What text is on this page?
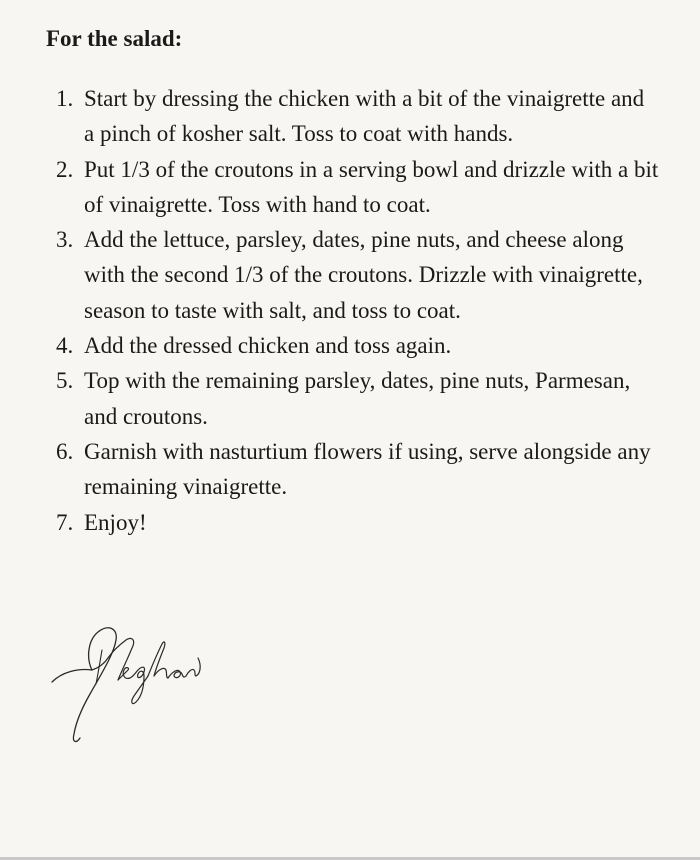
For the salad:
1. Start by dressing the chicken with a bit of the vinaigrette and a pinch of kosher salt. Toss to coat with hands.
2. Put 1/3 of the croutons in a serving bowl and drizzle with a bit of vinaigrette. Toss with hand to coat.
3. Add the lettuce, parsley, dates, pine nuts, and cheese along with the second 1/3 of the croutons. Drizzle with vinaigrette, season to taste with salt, and toss to coat.
4. Add the dressed chicken and toss again.
5. Top with the remaining parsley, dates, pine nuts, Parmesan, and croutons.
6. Garnish with nasturtium flowers if using, serve alongside any remaining vinaigrette.
7. Enjoy!
